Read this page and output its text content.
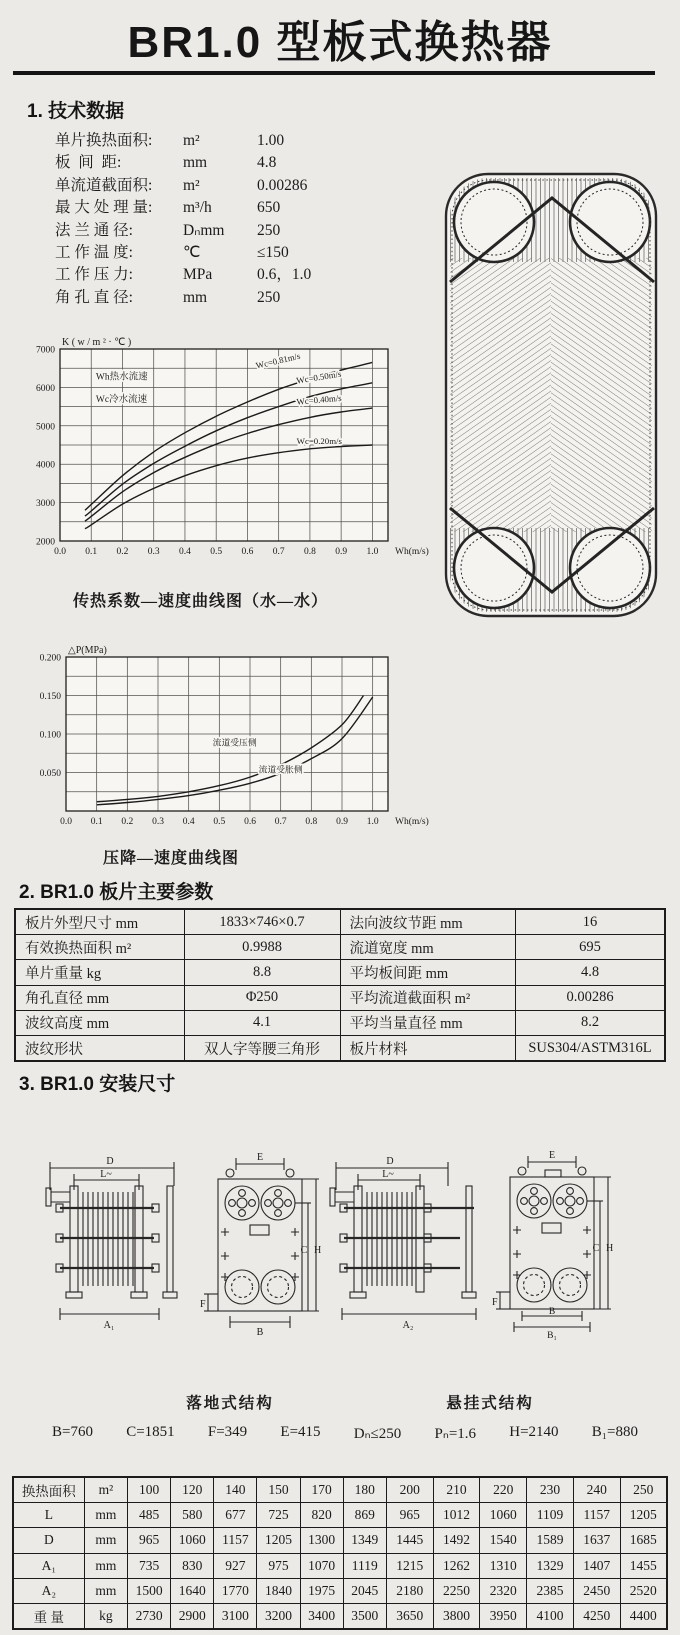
BR1.0 型板式换热器
1. 技术数据
单片换热面积:	m²	1.00
板  间  距:	mm	4.8
单流道截面积:	m²	0.00286
最 大 处 理 量:	m³/h	650
法 兰 通 径:	Dₙmm	250
工 作 温 度:	℃	≤150
工 作 压 力:	MPa	0.6，1.0
角 孔 直 径:	mm	250
0.0 0.1 0.2 0.3 0.4 0.5 0.6 0.7 0.8 0.9 1.0 Wh(m/s)
2000
3000
4000
5000
6000
7000
K ( w / m ² · ℃ )
Wh热水流速
Wc冷水流速
Wc=0.81m/s
Wc=0.50m/s
Wc=0.40m/s
Wc=0.20m/s
传热系数—速度曲线图（水—水）
0.0 0.1 0.2 0.3 0.4 0.5 0.6 0.7 0.8 0.9 1.0 Wh(m/s)
0.050
0.100
0.150
0.200
△P(MPa)
流道受压侧
流道受胀侧
压降—速度曲线图
2. BR1.0 板片主要参数
板片外型尺寸 mm	1833×746×0.7	法向波纹节距 mm	16
有效换热面积 m²	0.9988	流道宽度 mm	695
单片重量 kg	8.8	平均板间距 mm	4.8
角孔直径 mm	Φ250	平均流道截面积 m²	0.00286
波纹高度 mm	4.1	平均当量直径 mm	8.2
波纹形状	双人字等腰三角形	板片材料	SUS304/ASTM316L
3. BR1.0 安装尺寸
D
L~
A₁
E
C H
F
B
D
L~
A₂
E
C H
F
B
B₁
落地式结构	悬挂式结构
B=760 C=1851 F=349 E=415 Dₙ≤250 Pₙ=1.6 H=2140 B₁=880
换热面积	m²	100	120	140	150	170	180	200	210	220	230	240	250
L	mm	485	580	677	725	820	869	965	1012	1060	1109	1157	1205
D	mm	965	1060	1157	1205	1300	1349	1445	1492	1540	1589	1637	1685
A₁	mm	735	830	927	975	1070	1119	1215	1262	1310	1329	1407	1455
A₂	mm	1500	1640	1770	1840	1975	2045	2180	2250	2320	2385	2450	2520
重 量	kg	2730	2900	3100	3200	3400	3500	3650	3800	3950	4100	4250	4400
